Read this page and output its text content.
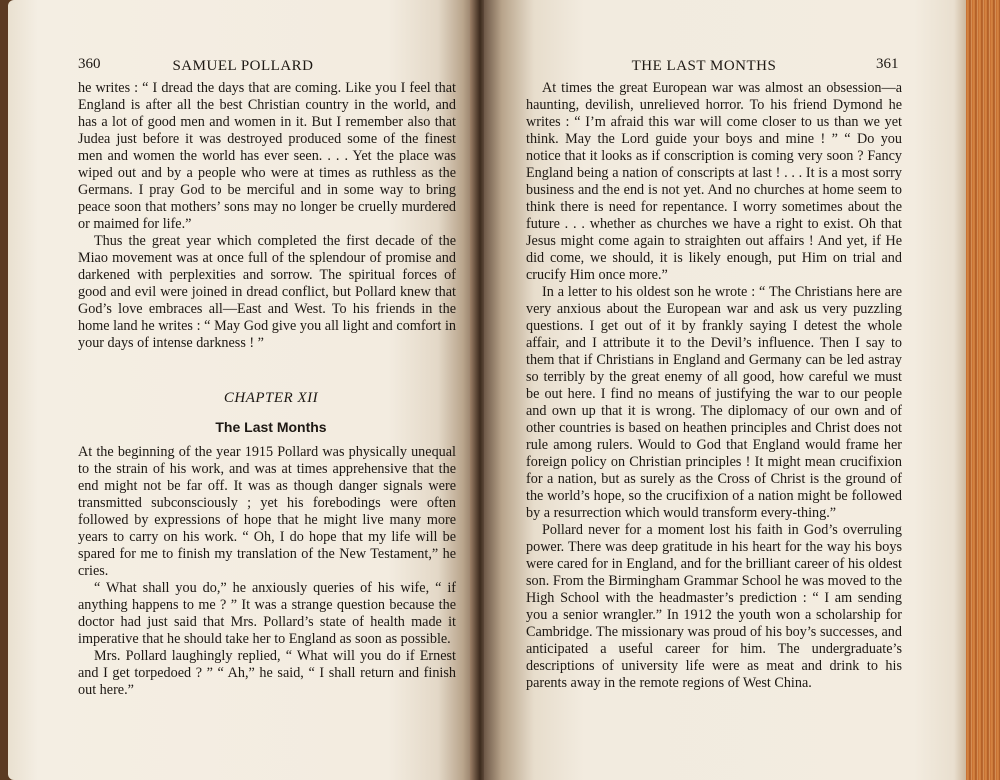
360	SAMUEL POLLARD

he writes : “ I dread the days that are coming. Like you I feel that England is after all the best Christian country in the world, and has a lot of good men and women in it. But I remember also that Judea just before it was destroyed produced some of the finest men and women the world has ever seen. . . . Yet the place was wiped out and by a people who were at times as ruthless as the Germans. I pray God to be merciful and in some way to bring peace soon that mothers’ sons may no longer be cruelly murdered or maimed for life.”

Thus the great year which completed the first decade of the Miao movement was at once full of the splendour of promise and darkened with perplexities and sorrow. The spiritual forces of good and evil were joined in dread conflict, but Pollard knew that God’s love embraces all—East and West. To his friends in the home land he writes : “ May God give you all light and comfort in your days of intense darkness ! ”

CHAPTER XII
The Last Months

At the beginning of the year 1915 Pollard was physically unequal to the strain of his work, and was at times apprehensive that the end might not be far off. It was as though danger signals were transmitted subconsciously ; yet his forebodings were often followed by expressions of hope that he might live many more years to carry on his work. “ Oh, I do hope that my life will be spared for me to finish my translation of the New Testament,” he cries.

“ What shall you do,” he anxiously queries of his wife, “ if anything happens to me ? ” It was a strange question because the doctor had just said that Mrs. Pollard’s state of health made it imperative that he should take her to England as soon as possible.

Mrs. Pollard laughingly replied, “ What will you do if Ernest and I get torpedoed ? ” “ Ah,” he said, “ I shall return and finish out here.”

THE LAST MONTHS	361

At times the great European war was almost an obsession—a haunting, devilish, unrelieved horror. To his friend Dymond he writes : “ I’m afraid this war will come closer to us than we yet think. May the Lord guide your boys and mine ! ” “ Do you notice that it looks as if conscription is coming very soon ? Fancy England being a nation of conscripts at last ! . . . It is a most sorry business and the end is not yet. And no churches at home seem to think there is need for repentance. I worry sometimes about the future . . . whether as churches we have a right to exist. Oh that Jesus might come again to straighten out affairs ! And yet, if He did come, we should, it is likely enough, put Him on trial and crucify Him once more.”

In a letter to his oldest son he wrote : “ The Christians here are very anxious about the European war and ask us very puzzling questions. I get out of it by frankly saying I detest the whole affair, and I attribute it to the Devil’s influence. Then I say to them that if Christians in England and Germany can be led astray so terribly by the great enemy of all good, how careful we must be out here. I find no means of justifying the war to our people and own up that it is wrong. The diplomacy of our own and of other countries is based on heathen principles and Christ does not rule among rulers. Would to God that England would frame her foreign policy on Christian principles ! It might mean crucifixion for a nation, but as surely as the Cross of Christ is the ground of the world’s hope, so the crucifixion of a nation might be followed by a resurrection which would transform every-thing.”

Pollard never for a moment lost his faith in God’s overruling power. There was deep gratitude in his heart for the way his boys were cared for in England, and for the brilliant career of his oldest son. From the Birmingham Grammar School he was moved to the High School with the headmaster’s prediction : “ I am sending you a senior wrangler.” In 1912 the youth won a scholarship for Cambridge. The missionary was proud of his boy’s successes, and anticipated a useful career for him. The undergraduate’s descriptions of university life were as meat and drink to his parents away in the remote regions of West China.
